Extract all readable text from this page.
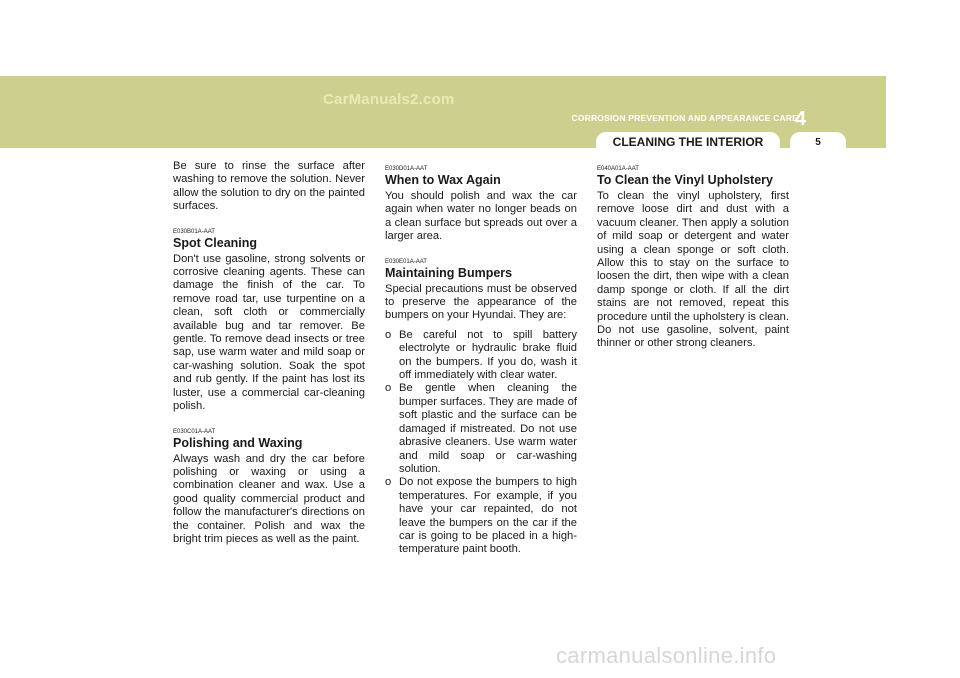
CarManuals2.com
CORROSION PREVENTION AND APPEARANCE CARE
4
CLEANING THE INTERIOR	5

Be sure to rinse the surface after washing to remove the solution. Never allow the solution to dry on the painted surfaces.

E030B01A-AAT
Spot Cleaning

Don't use gasoline, strong solvents or corrosive cleaning agents. These can damage the finish of the car. To remove road tar, use turpentine on a clean, soft cloth or commercially available bug and tar remover. Be gentle. To remove dead insects or tree sap, use warm water and mild soap or car-washing solution. Soak the spot and rub gently. If the paint has lost its luster, use a commercial car-cleaning polish.

E030C01A-AAT
Polishing and Waxing

Always wash and dry the car before polishing or waxing or using a combination cleaner and wax. Use a good quality commercial product and follow the manufacturer's directions on the container. Polish and wax the bright trim pieces as well as the paint.

E030D01A-AAT
When to Wax Again

You should polish and wax the car again when water no longer beads on a clean surface but spreads out over a larger area.

E030E01A-AAT
Maintaining Bumpers

Special precautions must be observed to preserve the appearance of the bumpers on your Hyundai. They are:

o Be careful not to spill battery electrolyte or hydraulic brake fluid on the bumpers. If you do, wash it off immediately with clear water.
o Be gentle when cleaning the bumper surfaces. They are made of soft plastic and the surface can be damaged if mistreated. Do not use abrasive cleaners. Use warm water and mild soap or car-washing solution.
o Do not expose the bumpers to high temperatures. For example, if you have your car repainted, do not leave the bumpers on the car if the car is going to be placed in a high-temperature paint booth.
E040A01A-AAT
To Clean the Vinyl Upholstery

To clean the vinyl upholstery, first remove loose dirt and dust with a vacuum cleaner. Then apply a solution of mild soap or detergent and water using a clean sponge or soft cloth. Allow this to stay on the surface to loosen the dirt, then wipe with a clean damp sponge or cloth. If all the dirt stains are not removed, repeat this procedure until the upholstery is clean. Do not use gasoline, solvent, paint thinner or other strong cleaners.

carmanualsonline.info
